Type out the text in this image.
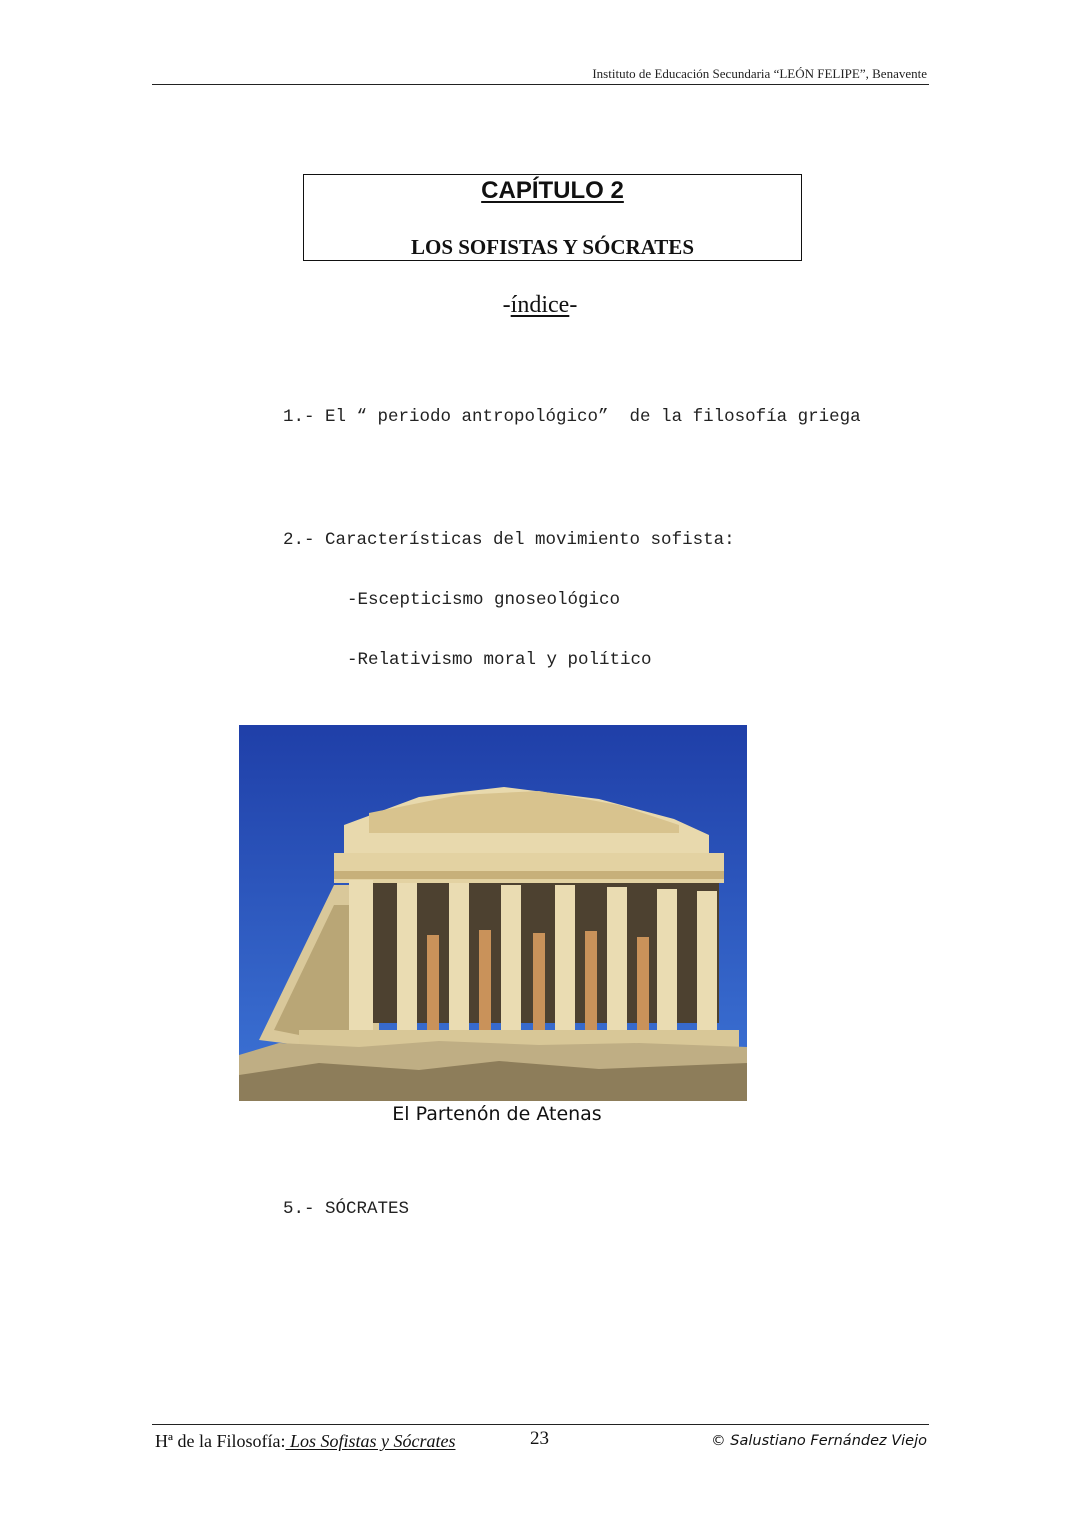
Instituto de Educación Secundaria “LEÓN FELIPE”, Benavente
CAPÍTULO 2
LOS SOFISTAS Y SÓCRATES
-índice-

1.- El “ periodo antropológico”  de la filosofía griega

2.- Características del movimiento sofista:

-Escepticismo gnoseológico

-Relativismo moral y político

5.- SÓCRATES

El Partenón de Atenas
Hª de la Filosofía: Los Sofistas y Sócrates	23	© Salustiano Fernández Viejo
